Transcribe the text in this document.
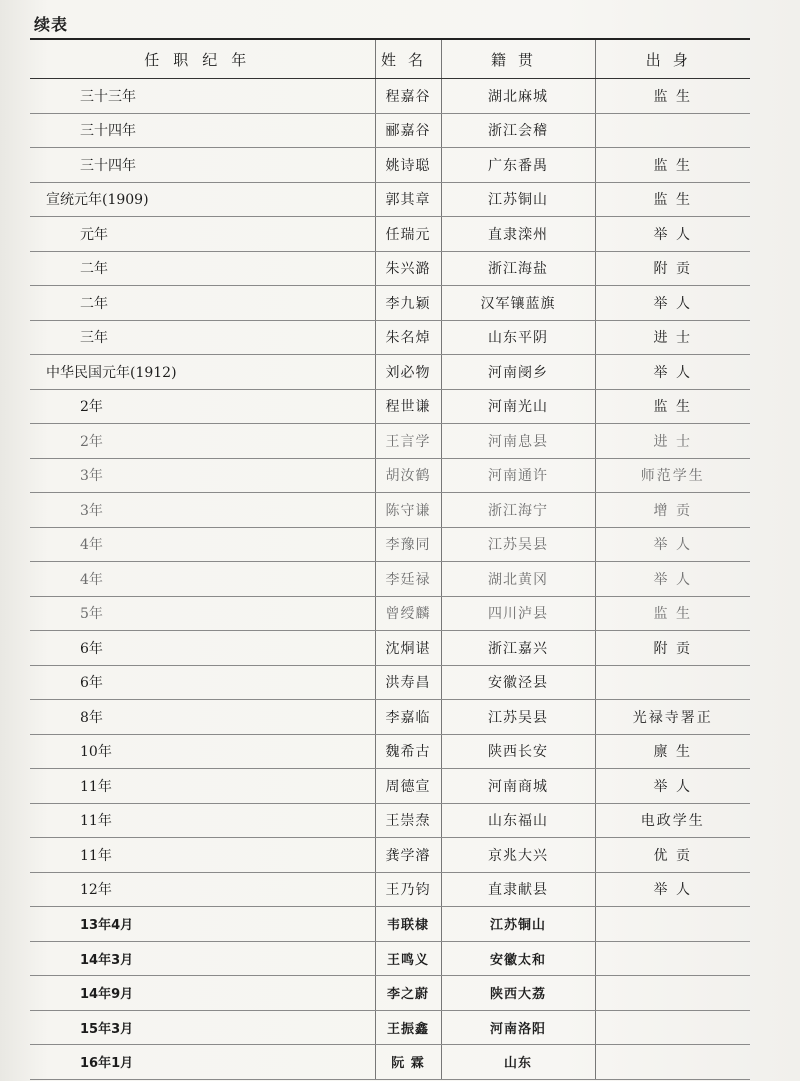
续表
任职纪年	姓名	籍贯	出身
三十三年	程嘉谷	湖北麻城	监 生
三十四年	郦嘉谷	浙江会稽	
三十四年	姚诗聪	广东番禺	监 生
宣统元年(1909)	郭其章	江苏铜山	监 生
元年	任瑞元	直隶滦州	举 人
二年	朱兴潞	浙江海盐	附 贡
二年	李九颖	汉军镶蓝旗	举 人
三年	朱名焯	山东平阴	进 士
中华民国元年(1912)	刘必物	河南阌乡	举 人
2年	程世谦	河南光山	监 生
2年	王言学	河南息县	进 士
3年	胡汝鹤	河南通许	师范学生
3年	陈守谦	浙江海宁	增 贡
4年	李豫同	江苏吴县	举 人
4年	李廷禄	湖北黄冈	举 人
5年	曾绶麟	四川泸县	监 生
6年	沈烔谌	浙江嘉兴	附 贡
6年	洪寿昌	安徽泾县	
8年	李嘉临	江苏吴县	光禄寺署正
10年	魏希古	陕西长安	廪 生
11年	周德宣	河南商城	举 人
11年	王崇焘	山东福山	电政学生
11年	龚学濬	京兆大兴	优 贡
12年	王乃钧	直隶献县	举 人
13年4月	韦联棣	江苏铜山	
14年3月	王鸣义	安徽太和	
14年9月	李之蔚	陕西大荔	
15年3月	王振鑫	河南洛阳	
16年1月	阮 霖	山东	
